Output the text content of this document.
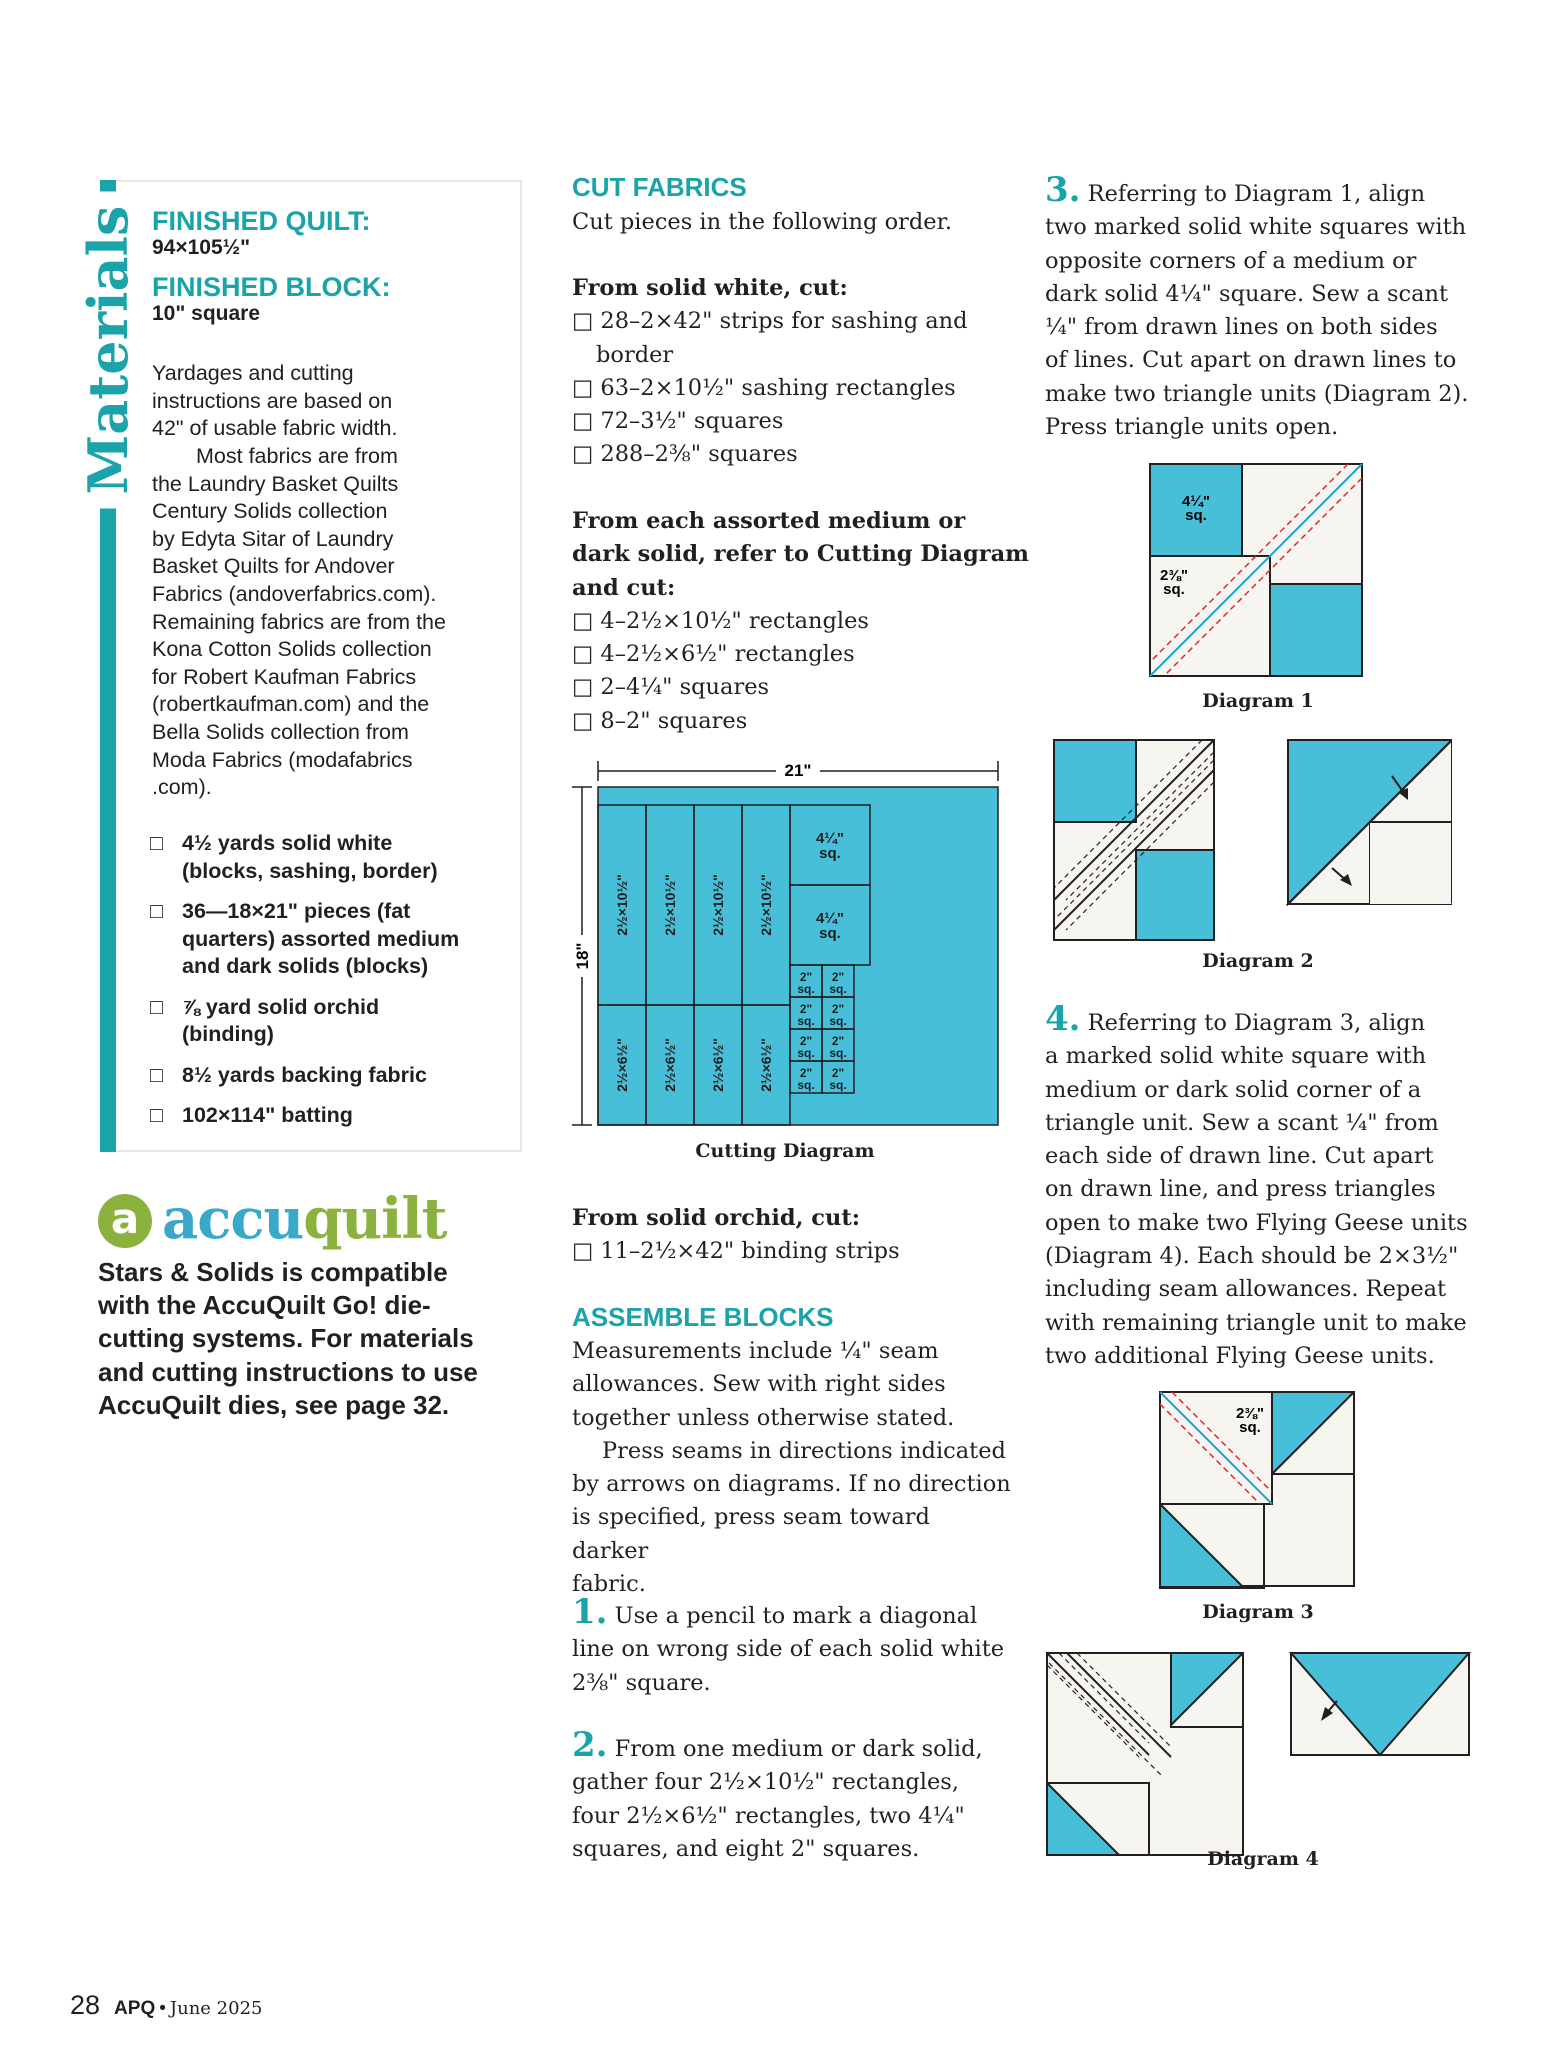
Materials FINISHED QUILT:
94×105½"
FINISHED BLOCK:
10" square
Yardages and cutting
instructions are based on
42" of usable fabric width.
Most fabrics are from
the Laundry Basket Quilts
Century Solids collection
by Edyta Sitar of Laundry
Basket Quilts for Andover
Fabrics (andoverfabrics.com).
Remaining fabrics are from the
Kona Cotton Solids collection
for Robert Kaufman Fabrics
(robertkaufman.com) and the
Bella Solids collection from
Moda Fabrics (modafabrics
.com).
□ 4½ yards solid white
(blocks, sashing, border)
□ 36—18×21" pieces (fat
quarters) assorted medium
and dark solids (blocks)
□ ⅞ yard solid orchid
(binding)
□ 8½ yards backing fabric
□ 102×114" batting
a accuquilt
Stars & Solids is compatible
with the AccuQuilt Go! die-
cutting systems. For materials
and cutting instructions to use
AccuQuilt dies, see page 32.
CUT FABRICS
Cut pieces in the following order.
From solid white, cut:
□ 28–2×42" strips for sashing and
border
□ 63–2×10½" sashing rectangles
□ 72–3½" squares
□ 288–2⅜" squares
From each assorted medium or
dark solid, refer to Cutting Diagram
and cut:
□ 4–2½×10½" rectangles
□ 4–2½×6½" rectangles
□ 2–4¼" squares
□ 8–2" squares
21"
18"
2½×10½" 2½×10½" 2½×10½" 2½×10½"
2½×6½" 2½×6½" 2½×6½" 2½×6½"
4¼"
sq.
4¼"
sq.
2"
sq.
2"
sq.
2"
sq.
2"
sq.
2"
sq.
2"
sq.
2"
sq.
2"
sq.
Cutting Diagram
From solid orchid, cut:
□ 11–2½×42" binding strips
ASSEMBLE BLOCKS
Measurements include ¼" seam
allowances. Sew with right sides
together unless otherwise stated.
Press seams in directions indicated
by arrows on diagrams. If no direction
is specified, press seam toward darker
fabric.
1. Use a pencil to mark a diagonal
line on wrong side of each solid white
2⅜" square.
2. From one medium or dark solid,
gather four 2½×10½" rectangles,
four 2½×6½" rectangles, two 4¼"
squares, and eight 2" squares.
3. Referring to Diagram 1, align
two marked solid white squares with
opposite corners of a medium or
dark solid 4¼" square. Sew a scant
¼" from drawn lines on both sides
of lines. Cut apart on drawn lines to
make two triangle units (Diagram 2).
Press triangle units open.
4¼"
sq.
2⅜"
sq.
Diagram 1
Diagram 2
4. Referring to Diagram 3, align
a marked solid white square with
medium or dark solid corner of a
triangle unit. Sew a scant ¼" from
each side of drawn line. Cut apart
on drawn line, and press triangles
open to make two Flying Geese units
(Diagram 4). Each should be 2×3½"
including seam allowances. Repeat
with remaining triangle unit to make
two additional Flying Geese units.
2⅜"
sq.
Diagram 3
Diagram 4
28 APQ • June 2025
